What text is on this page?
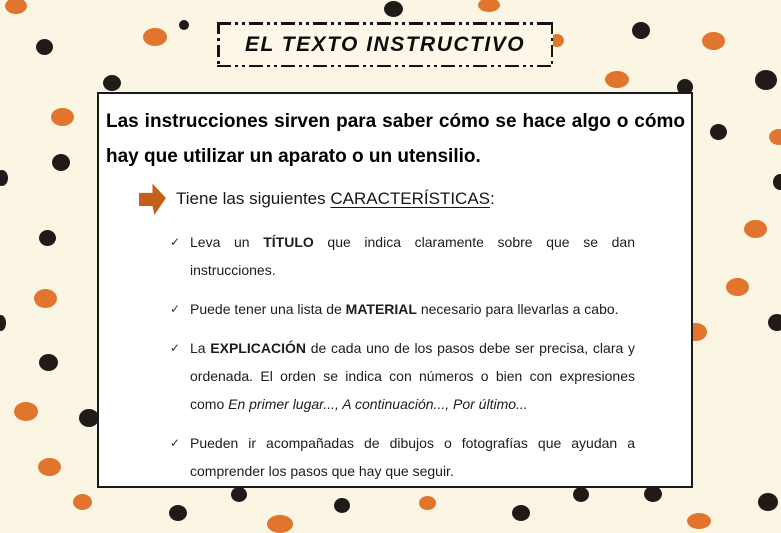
EL TEXTO INSTRUCTIVO

Las instrucciones sirven para saber cómo se hace algo o cómo hay que utilizar un aparato o un utensilio.

Tiene las siguientes CARACTERÍSTICAS:
✓ Leva un TÍTULO que indica claramente sobre que se dan instrucciones.
✓ Puede tener una lista de MATERIAL necesario para llevarlas a cabo.
✓ La EXPLICACIÓN de cada uno de los pasos debe ser precisa, clara y ordenada. El orden se indica con números o bien con expresiones como En primer lugar..., A continuación..., Por último...
✓ Pueden ir acompañadas de dibujos o fotografías que ayudan a comprender los pasos que hay que seguir.
